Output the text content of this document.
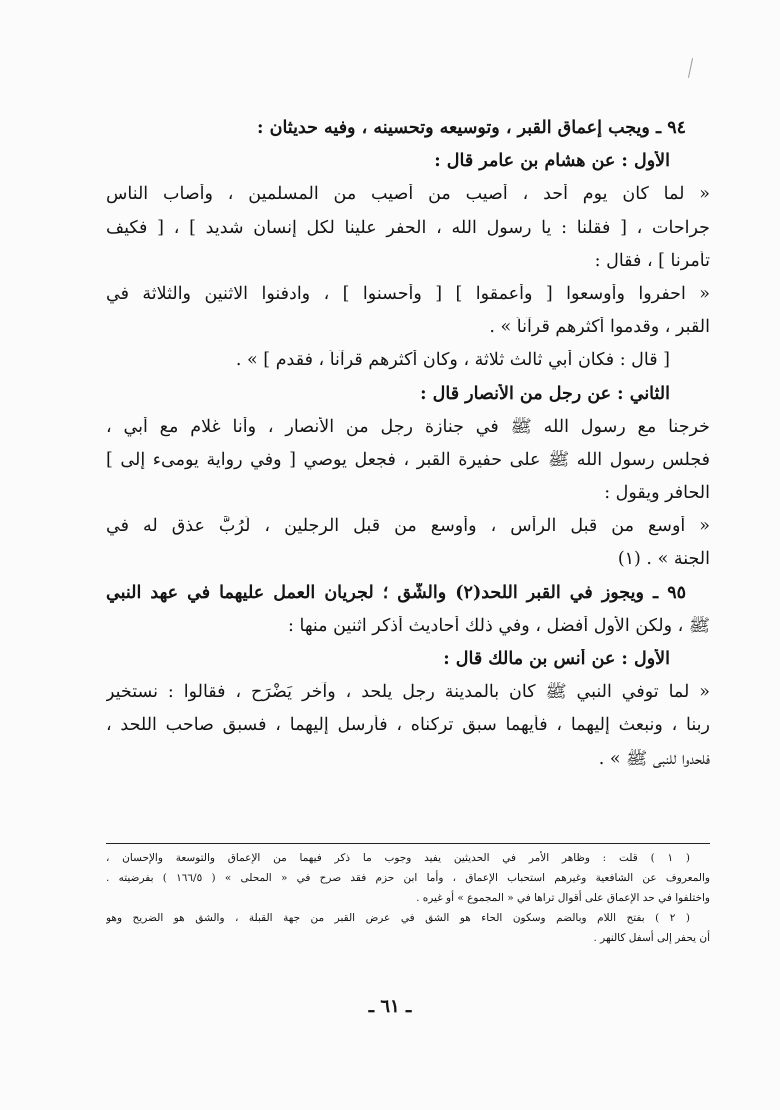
٩٤ ـ ويجب إعماق القبر ، وتوسيعه وتحسينه ، وفيه حديثان :
الأول : عن هشام بن عامر قال :
« لما كان يوم أحد ، أصيب من أصيب من المسلمين ، وأصاب الناس
جراحات ، [ فقلنا : يا رسول الله ، الحفر علينا لكل إنسان شديد ] ، [ فكيف
تأمرنا ] ، فقال :
« احفروا وأوسعوا [ وأعمقوا ] [ وأحسنوا ] ، وادفنوا الاثنين والثلاثة في
القبر ، وقدموا أكثرهم قرآناً » .
[ قال : فكان أبي ثالث ثلاثة ، وكان أكثرهم قرآناً ، فقدم ] » .
الثاني : عن رجل من الأنصار قال :
خرجنا مع رسول الله ﷺ في جنازة رجل من الأنصار ، وأنا غلام مع أبي ،
فجلس رسول الله ﷺ على حفيرة القبر ، فجعل يوصي [ وفي رواية يومىء إلى ]
الحافر ويقول :
« أوسع من قبل الرأس ، وأوسع من قبل الرجلين ، لَرُبَّ عذق له في
الجنة » . (١)
٩٥ ـ ويجوز في القبر اللحد(٢) والشَّق ؛ لجريان العمل عليهما في عهد النبي
ﷺ ، ولكن الأول أفضل ، وفي ذلك أحاديث أذكر اثنين منها :
الأول : عن أنس بن مالك قال :
« لما توفي النبي ﷺ كان بالمدينة رجل يلحد ، وآخر يَضْرَح ، فقالوا : نستخير
ربنا ، ونبعث إليهما ، فأيهما سبق تركناه ، فأرسل إليهما ، فسبق صاحب اللحد ،
فلحدوا للنبي ﷺ » .
( ١ ) قلت : وظاهر الأمر في الحديثين يفيد وجوب ما ذكر فيهما من الإعماق والتوسعة والإحسان ،
والمعروف عن الشافعية وغيرهم استحباب الإعماق ، وأما ابن حزم فقد صرح في « المحلى » ( ١٦٦/٥ ) بفرضيته .
واختلفوا في حد الإعماق على أقوال تراها في « المجموع » أو غيره .
( ٢ ) بفتح اللام وبالضم وسكون الحاء هو الشق في عرض القبر من جهة القبلة ، والشق هو الضريح وهو
أن يحفر إلى أسفل كالنهر .
ـ ٦١ ـ
